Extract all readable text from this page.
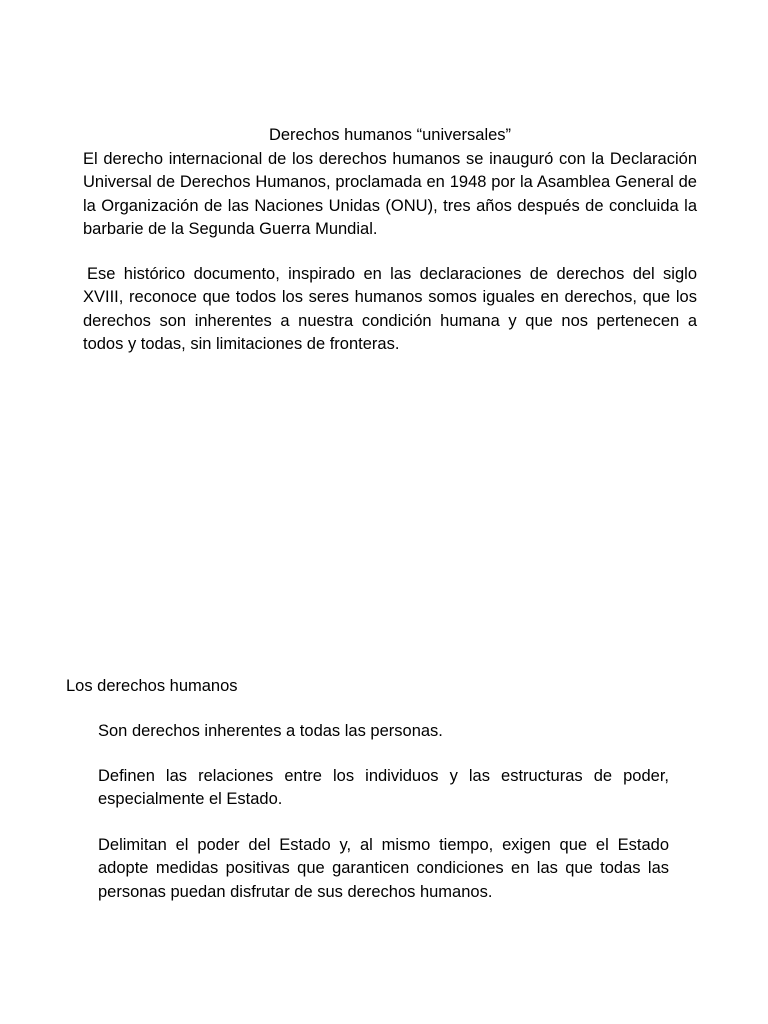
Derechos humanos “universales”

El derecho internacional de los derechos humanos se inauguró con la Declaración Universal de Derechos Humanos, proclamada en 1948 por la Asamblea General de la Organización de las Naciones Unidas (ONU), tres años después de concluida la barbarie de la Segunda Guerra Mundial.

Ese histórico documento, inspirado en las declaraciones de derechos del siglo XVIII, reconoce que todos los seres humanos somos iguales en derechos, que los derechos son inherentes a nuestra condición humana y que nos pertenecen a todos y todas, sin limitaciones de fronteras.

Los derechos humanos

Son derechos inherentes a todas las personas.

Definen las relaciones entre los individuos y las estructuras de poder, especialmente el Estado.

Delimitan el poder del Estado y, al mismo tiempo, exigen que el Estado adopte medidas positivas que garanticen condiciones en las que todas las personas puedan disfrutar de sus derechos humanos.
